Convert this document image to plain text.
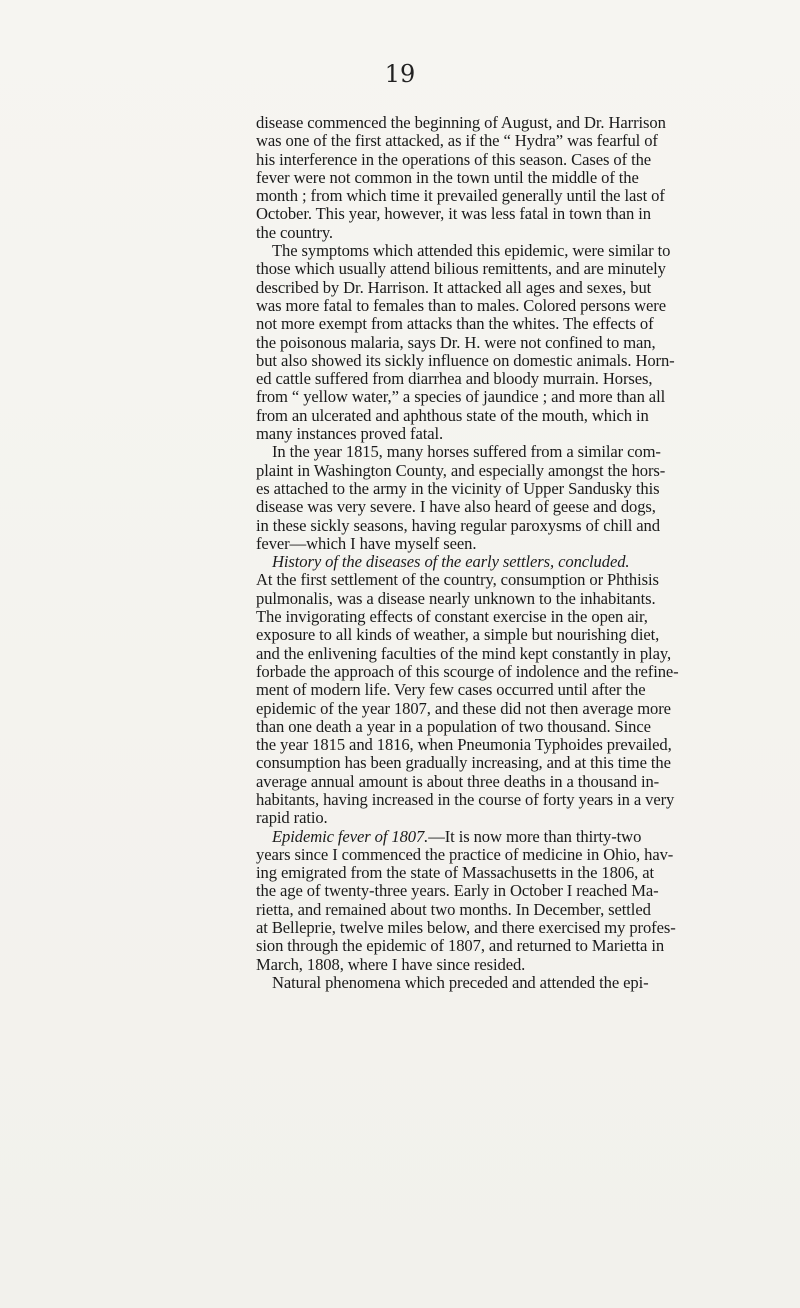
19

disease commenced the beginning of August, and Dr. Harrison
was one of the first attacked, as if the “ Hydra” was fearful of
his interference in the operations of this season. Cases of the
fever were not common in the town until the middle of the
month ; from which time it prevailed generally until the last of
October. This year, however, it was less fatal in town than in
the country.

The symptoms which attended this epidemic, were similar to
those which usually attend bilious remittents, and are minutely
described by Dr. Harrison. It attacked all ages and sexes, but
was more fatal to females than to males. Colored persons were
not more exempt from attacks than the whites. The effects of
the poisonous malaria, says Dr. H. were not confined to man,
but also showed its sickly influence on domestic animals. Horn-
ed cattle suffered from diarrhea and bloody murrain. Horses,
from “ yellow water,” a species of jaundice ; and more than all
from an ulcerated and aphthous state of the mouth, which in
many instances proved fatal.

In the year 1815, many horses suffered from a similar com-
plaint in Washington County, and especially amongst the hors-
es attached to the army in the vicinity of Upper Sandusky this
disease was very severe. I have also heard of geese and dogs,
in these sickly seasons, having regular paroxysms of chill and
fever—which I have myself seen.

History of the diseases of the early settlers, concluded.
At the first settlement of the country, consumption or Phthisis
pulmonalis, was a disease nearly unknown to the inhabitants.
The invigorating effects of constant exercise in the open air,
exposure to all kinds of weather, a simple but nourishing diet,
and the enlivening faculties of the mind kept constantly in play,
forbade the approach of this scourge of indolence and the refine-
ment of modern life. Very few cases occurred until after the
epidemic of the year 1807, and these did not then average more
than one death a year in a population of two thousand. Since
the year 1815 and 1816, when Pneumonia Typhoides prevailed,
consumption has been gradually increasing, and at this time the
average annual amount is about three deaths in a thousand in-
habitants, having increased in the course of forty years in a very
rapid ratio.

Epidemic fever of 1807.—It is now more than thirty-two
years since I commenced the practice of medicine in Ohio, hav-
ing emigrated from the state of Massachusetts in the 1806, at
the age of twenty-three years. Early in October I reached Ma-
rietta, and remained about two months. In December, settled
at Belleprie, twelve miles below, and there exercised my profes-
sion through the epidemic of 1807, and returned to Marietta in
March, 1808, where I have since resided.

Natural phenomena which preceded and attended the epi-
